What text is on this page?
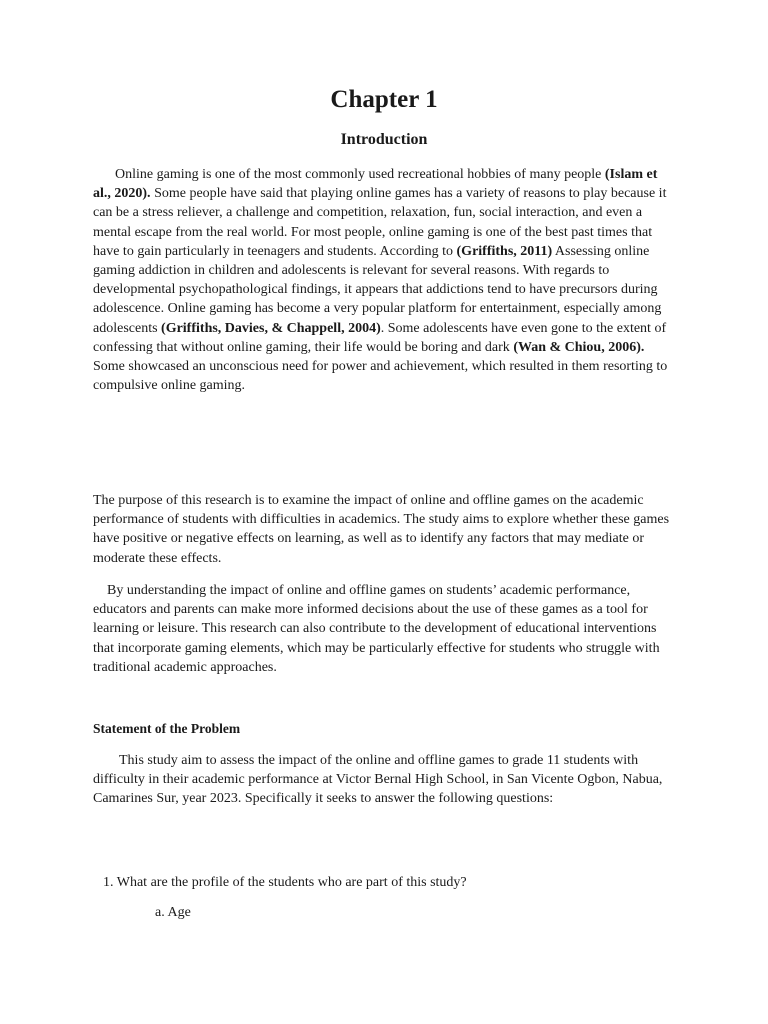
Chapter 1
Introduction

Online gaming is one of the most commonly used recreational hobbies of many people (Islam et al., 2020). Some people have said that playing online games has a variety of reasons to play because it can be a stress reliever, a challenge and competition, relaxation, fun, social interaction, and even a mental escape from the real world. For most people, online gaming is one of the best past times that have to gain particularly in teenagers and students. According to (Griffiths, 2011) Assessing online gaming addiction in children and adolescents is relevant for several reasons. With regards to developmental psychopathological findings, it appears that addictions tend to have precursors during adolescence. Online gaming has become a very popular platform for entertainment, especially among adolescents (Griffiths, Davies, & Chappell, 2004). Some adolescents have even gone to the extent of confessing that without online gaming, their life would be boring and dark (Wan & Chiou, 2006). Some showcased an unconscious need for power and achievement, which resulted in them resorting to compulsive online gaming.

The purpose of this research is to examine the impact of online and offline games on the academic performance of students with difficulties in academics. The study aims to explore whether these games have positive or negative effects on learning, as well as to identify any factors that may mediate or moderate these effects.

By understanding the impact of online and offline games on students’ academic performance, educators and parents can make more informed decisions about the use of these games as a tool for learning or leisure. This research can also contribute to the development of educational interventions that incorporate gaming elements, which may be particularly effective for students who struggle with traditional academic approaches.

Statement of the Problem

This study aim to assess the impact of the online and offline games to grade 11 students with difficulty in their academic performance at Victor Bernal High School, in San Vicente Ogbon, Nabua, Camarines Sur, year 2023. Specifically it seeks to answer the following questions:

1. What are the profile of the students who are part of this study?

a. Age
